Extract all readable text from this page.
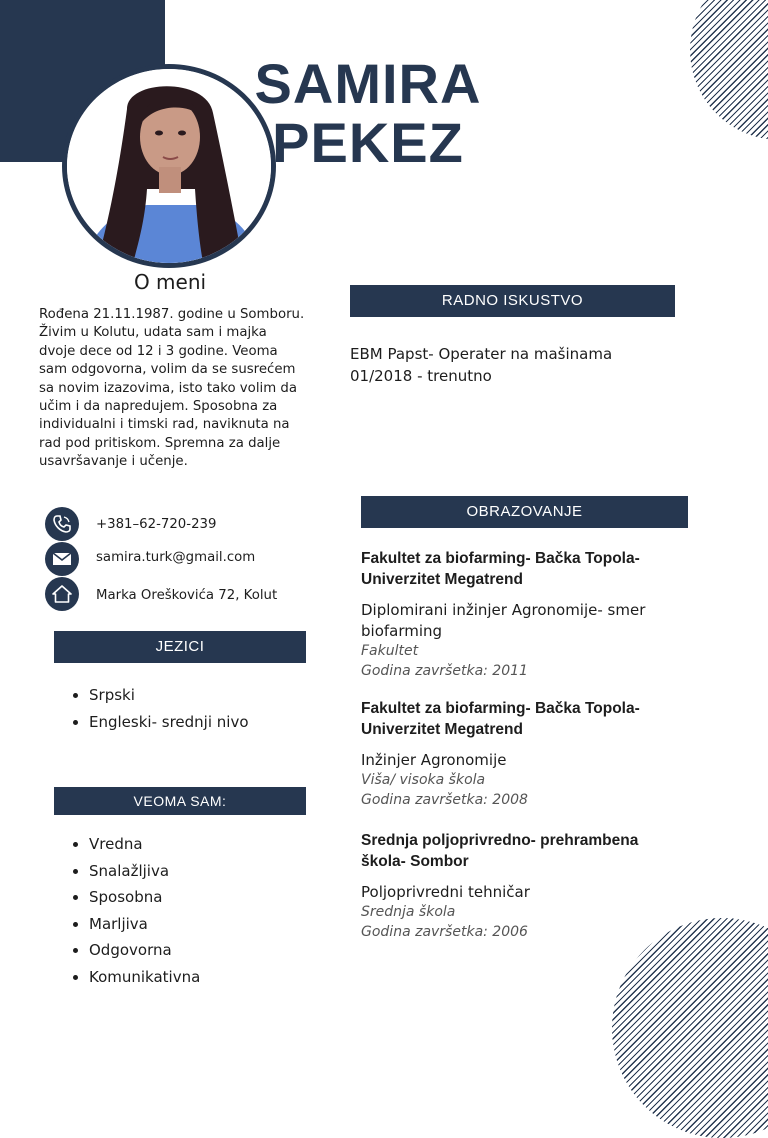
SAMIRA
PEKEZ
O meni
Rođena 21.11.1987. godine u Somboru.
Živim u Kolutu, udata sam i majka
dvoje dece od 12 i 3 godine. Veoma
sam odgovorna, volim da se susrećem
sa novim izazovima, isto tako volim da
učim i da napredujem. Sposobna za
individualni i timski rad, naviknuta na
rad pod pritiskom. Spremna za dalje
usavršavanje i učenje.
+381–62-720-239
samira.turk@gmail.com
Marka Oreškovića 72, Kolut
JEZICI
Srpski
Engleski- srednji nivo
VEOMA SAM:
Vredna
Snalažljiva
Sposobna
Marljiva
Odgovorna
Komunikativna
RADNO ISKUSTVO
EBM Papst- Operater na mašinama
01/2018 - trenutno
OBRAZOVANJE
Fakultet za biofarming- Bačka Topola-
Univerzitet Megatrend
Diplomirani inžinjer Agronomije- smer
biofarming
Fakultet
Godina završetka: 2011
Fakultet za biofarming- Bačka Topola-
Univerzitet Megatrend
Inžinjer Agronomije
Viša/ visoka škola
Godina završetka: 2008
Srednja poljoprivredno- prehrambena
škola- Sombor
Poljoprivredni tehničar
Srednja škola
Godina završetka: 2006
